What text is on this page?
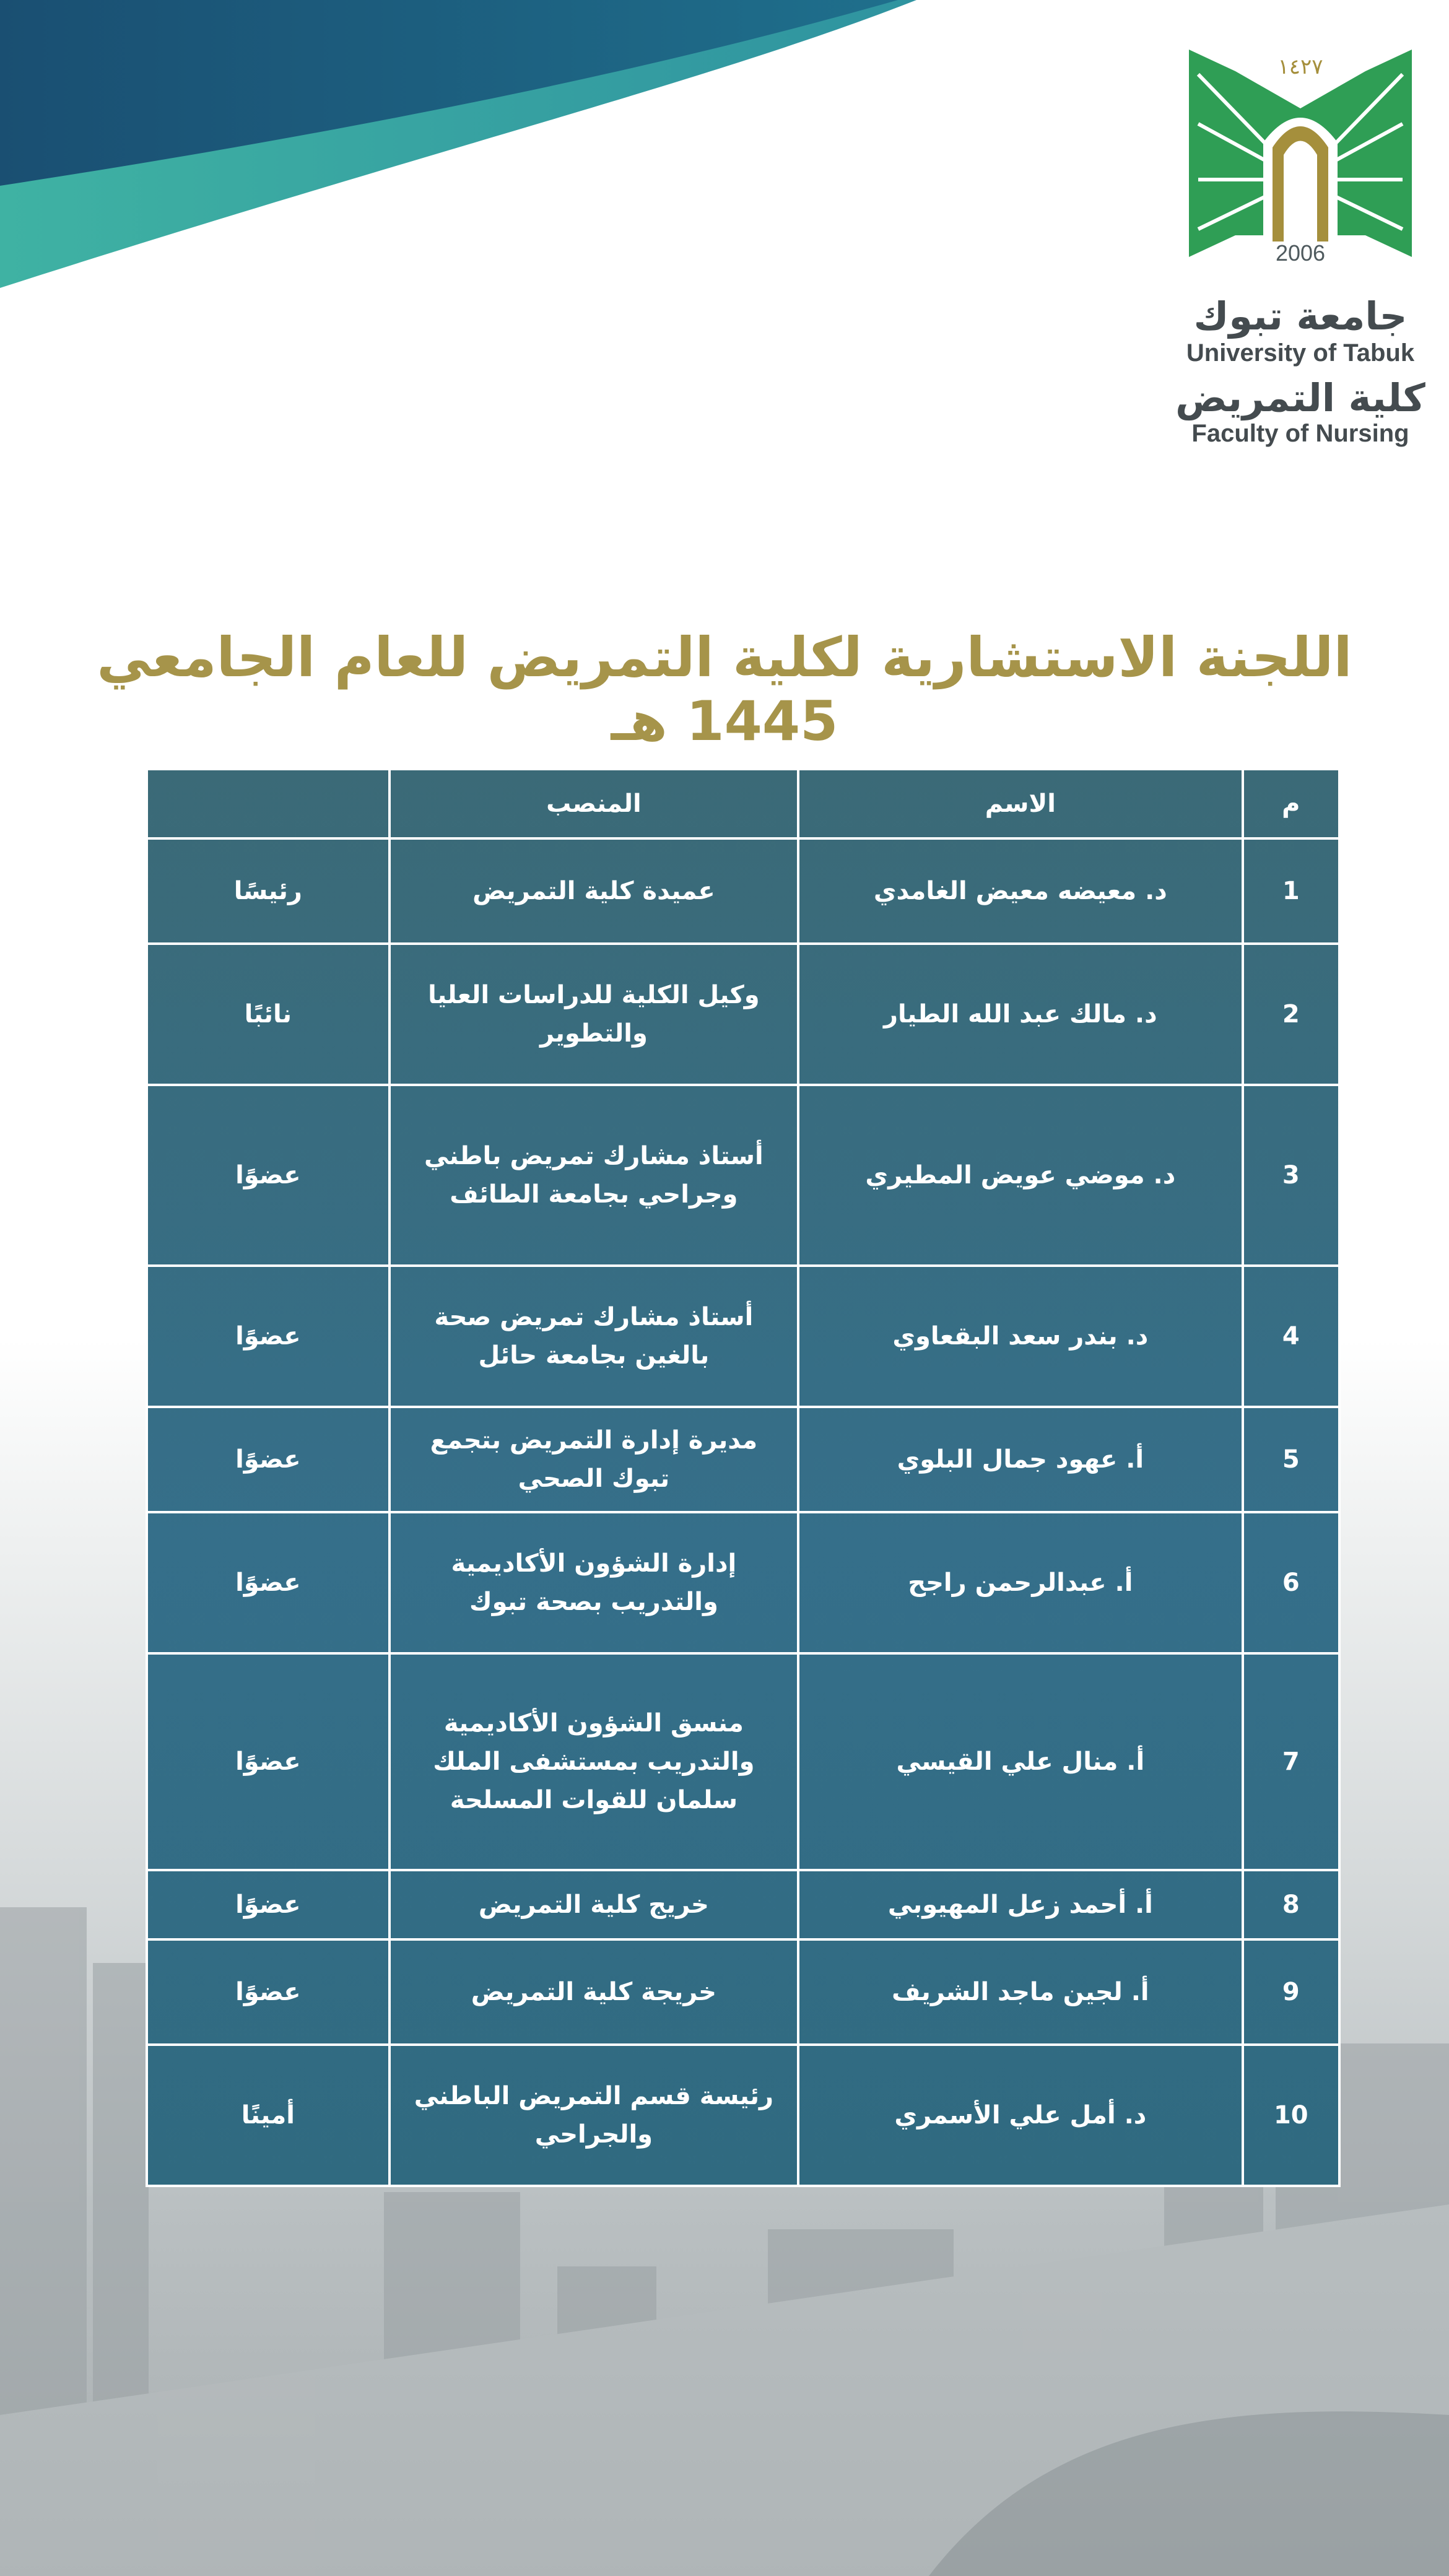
١٤٢٧
2006
جامعة تبوك
University of Tabuk
كلية التمريض
Faculty of Nursing
اللجنة الاستشارية لكلية التمريض للعام الجامعي 1445 هـ
م	الاسم	المنصب	
1	د. معيضه معيض الغامدي	عميدة كلية التمريض	رئيسًا
2	د. مالك عبد الله الطيار	وكيل الكلية للدراسات العليا والتطوير	نائبًا
3	د. موضي عويض المطيري	أستاذ مشارك تمريض باطني وجراحي بجامعة الطائف	عضوًا
4	د. بندر سعد البقعاوي	أستاذ مشارك تمريض صحة بالغين بجامعة حائل	عضوًا
5	أ. عهود جمال البلوي	مديرة إدارة التمريض بتجمع تبوك الصحي	عضوًا
6	أ. عبدالرحمن راجح	إدارة الشؤون الأكاديمية والتدريب بصحة تبوك	عضوًا
7	أ. منال علي القيسي	منسق الشؤون الأكاديمية والتدريب بمستشفى الملك سلمان للقوات المسلحة	عضوًا
8	أ. أحمد زعل المهيوبي	خريج كلية التمريض	عضوًا
9	أ. لجين ماجد الشريف	خريجة كلية التمريض	عضوًا
10	د. أمل علي الأسمري	رئيسة قسم التمريض الباطني والجراحي	أمينًا
